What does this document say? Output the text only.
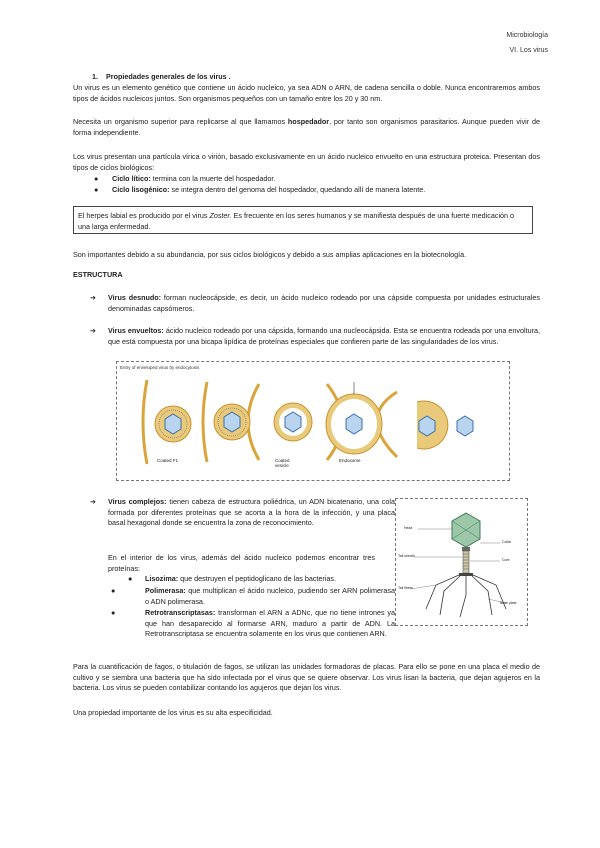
Microbiología
VI. Los virus
1. Propiedades generales de los virus .
Un virus es un elemento genético que contiene un ácido nucleico, ya sea ADN o ARN, de cadena sencilla o doble. Nunca encontraremos ambos tipos de ácidos nucleicos juntos. Son organismos pequeños con un tamaño entre los 20 y 30 nm.
Necesita un organismo superior para replicarse al que llamamos hospedador, por tanto son organismos parasitarios. Aunque pueden vivir de forma independiente.
Los virus presentan una partícula vírica o virión, basado exclusivamente en un ácido nucleico envuelto en una estructura proteica. Presentan dos tipos de ciclos biológicos:
● Ciclo lítico: termina con la muerte del hospedador.
● Ciclo lisogénico: se integra dentro del genoma del hospedador, quedando allí de manera latente.
El herpes labial es producido por el virus Zoster. Es frecuente en los seres humanos y se manifiesta después de una fuerte medicación o una larga enfermedad.
Son importantes debido a su abundancia, por sus ciclos biológicos y debido a sus amplias aplicaciones en la biotecnología.
ESTRUCTURA
➔ Virus desnudo: forman nucleocápside, es decir, un ácido nucleico rodeado por una cápside compuesta por unidades estructurales denominadas capsómeros.
➔ Virus envueltos: ácido nucleico rodeado por una cápsida, formando una nucleocápsida. Esta se encuentra rodeada por una envoltura, que está compuesta por una bicapa lipídica de proteínas especiales que confieren parte de las singularidades de los virus.
Entry of enveloped virus by endocytosis
Coated F1	Coated vesicle
Endosome
➔ Virus complejos: tienen cabeza de estructura poliédrica, un ADN bicatenario, una cola formada por diferentes proteínas que se acorta a la hora de la infección, y una placa basal hexagonal donde se encuentra la zona de reconocimiento.
En el interior de los virus, además del ácido nucleico podemos encontrar tres proteínas:
● Lisozima: que destruyen el peptidoglicano de las bacterias.
●	Polimerasa: que multiplican el ácido nucleico, pudiendo ser ARN polimerasa o ADN polimerasa.
●	Retrotranscriptasas: transforman el ARN a ADNc, que no tiene intrones ya que han desaparecido al formarse ARN, maduro a partir de ADN. La Retrotranscriptasa se encuentra solamente en los virus que contienen ARN.
Head
Tail sheath
Collar
Core
Tail fibers
Base plate
Para la cuantificación de fagos, o titulación de fagos, se utilizan las unidades formadoras de placas. Para ello se pone en una placa el medio de cultivo y se siembra una bacteria que ha sido infectada por el virus que se quiere observar. Los virus lisan la bacteria, que dejan agujeros en la bacteria. Los virus se pueden contabilizar contando los agujeros que dejan los virus.
Una propiedad importante de los virus es su alta especificidad.
